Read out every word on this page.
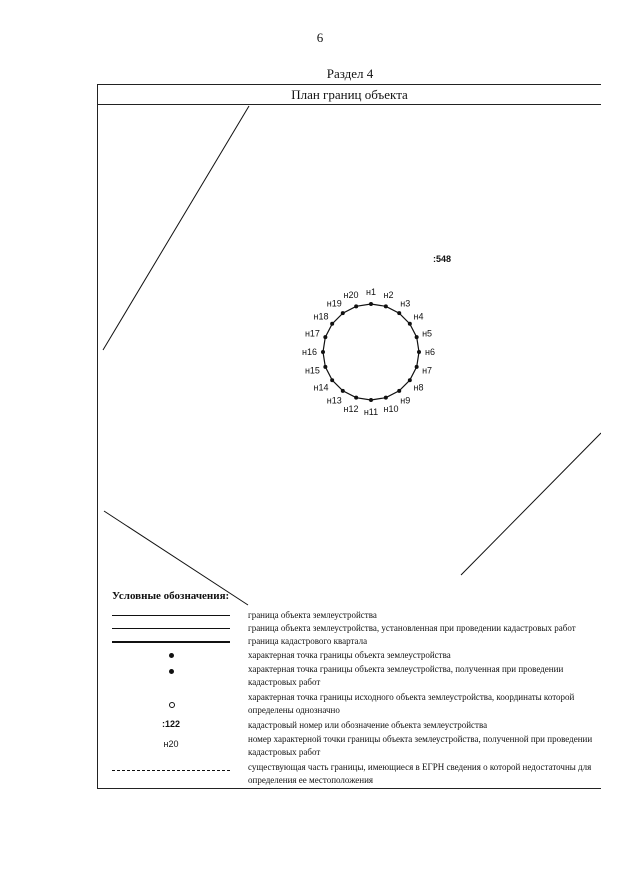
6
Раздел 4
План границ объекта
:548
н1 н2
н3
н4
н5
н6
н7
н8
н9
н10
н11
н12
н13
н14
н15
н16
н17
н18
н19
н20
Условные обозначения:
граница объекта землеустройства
граница объекта землеустройства, установленная при проведении кадастровых работ
граница кадастрового квартала
характерная точка границы объекта землеустройства
характерная точка границы объекта землеустройства, полученная при проведении
кадастровых работ
характерная точка границы исходного объекта землеустройства, координаты которой
определены однозначно
:122	кадастровый номер или обозначение объекта землеустройства
н20	номер характерной точки границы объекта землеустройства, полученной при проведении
кадастровых работ
существующая часть границы, имеющиеся в ЕГРН сведения о которой недостаточны для
определения ее местоположения
